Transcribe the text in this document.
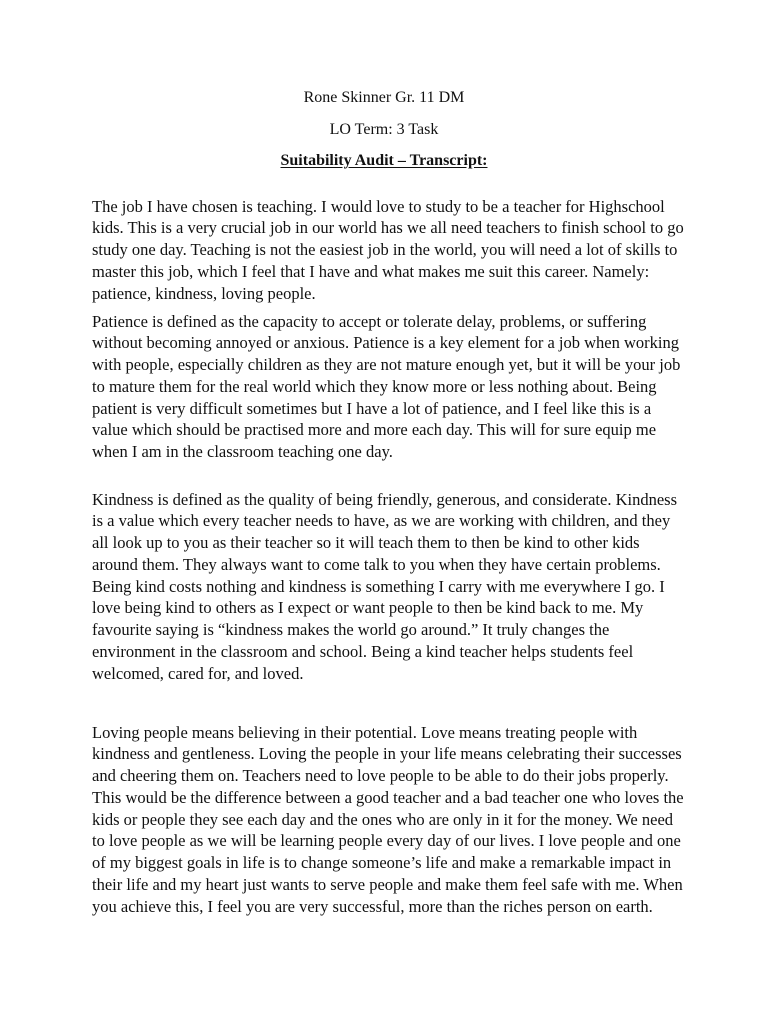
Rone Skinner Gr. 11 DM
LO Term: 3 Task
Suitability Audit – Transcript:

The job I have chosen is teaching. I would love to study to be a teacher for Highschool kids. This is a very crucial job in our world has we all need teachers to finish school to go study one day. Teaching is not the easiest job in the world, you will need a lot of skills to master this job, which I feel that I have and what makes me suit this career. Namely: patience, kindness, loving people.

Patience is defined as the capacity to accept or tolerate delay, problems, or suffering without becoming annoyed or anxious. Patience is a key element for a job when working with people, especially children as they are not mature enough yet, but it will be your job to mature them for the real world which they know more or less nothing about. Being patient is very difficult sometimes but I have a lot of patience, and I feel like this is a value which should be practised more and more each day. This will for sure equip me when I am in the classroom teaching one day.

Kindness is defined as the quality of being friendly, generous, and considerate. Kindness is a value which every teacher needs to have, as we are working with children, and they all look up to you as their teacher so it will teach them to then be kind to other kids around them. They always want to come talk to you when they have certain problems. Being kind costs nothing and kindness is something I carry with me everywhere I go. I love being kind to others as I expect or want people to then be kind back to me. My favourite saying is “kindness makes the world go around.” It truly changes the environment in the classroom and school. Being a kind teacher helps students feel welcomed, cared for, and loved.

Loving people means believing in their potential. Love means treating people with kindness and gentleness. Loving the people in your life means celebrating their successes and cheering them on. Teachers need to love people to be able to do their jobs properly. This would be the difference between a good teacher and a bad teacher one who loves the kids or people they see each day and the ones who are only in it for the money. We need to love people as we will be learning people every day of our lives. I love people and one of my biggest goals in life is to change someone’s life and make a remarkable impact in their life and my heart just wants to serve people and make them feel safe with me. When you achieve this, I feel you are very successful, more than the riches person on earth.
